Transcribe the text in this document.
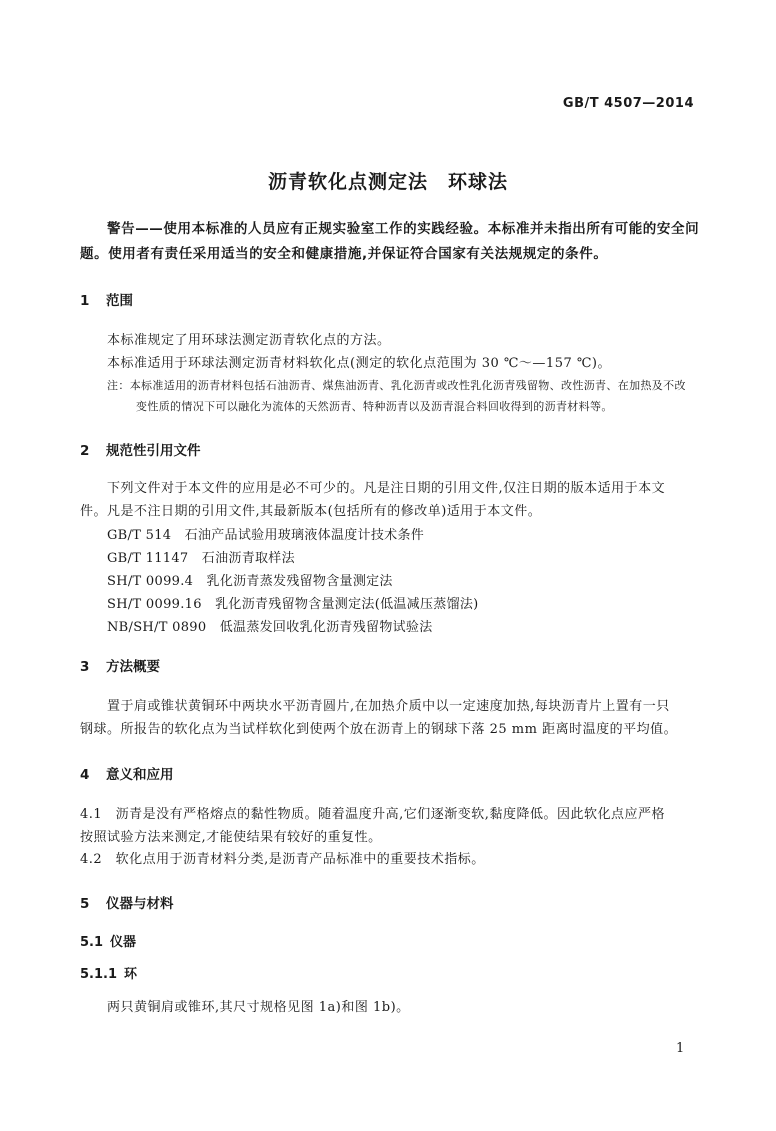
GB/T 4507—2014
沥青软化点测定法　环球法

警告——使用本标准的人员应有正规实验室工作的实践经验。本标准并未指出所有可能的安全问

题。使用者有责任采用适当的安全和健康措施,并保证符合国家有关法规规定的条件。

1 范围

本标准规定了用环球法测定沥青软化点的方法。

本标准适用于环球法测定沥青材料软化点(测定的软化点范围为 30 ℃～—157 ℃)。

注：本标准适用的沥青材料包括石油沥青、煤焦油沥青、乳化沥青或改性乳化沥青残留物、改性沥青、在加热及不改

变性质的情况下可以融化为流体的天然沥青、特种沥青以及沥青混合料回收得到的沥青材料等。

2 规范性引用文件

下列文件对于本文件的应用是必不可少的。凡是注日期的引用文件,仅注日期的版本适用于本文

件。凡是不注日期的引用文件,其最新版本(包括所有的修改单)适用于本文件。

GB/T 514 石油产品试验用玻璃液体温度计技术条件
GB/T 11147 石油沥青取样法
SH/T 0099.4 乳化沥青蒸发残留物含量测定法
SH/T 0099.16 乳化沥青残留物含量测定法(低温减压蒸馏法)
NB/SH/T 0890 低温蒸发回收乳化沥青残留物试验法
3 方法概要

置于肩或锥状黄铜环中两块水平沥青圆片,在加热介质中以一定速度加热,每块沥青片上置有一只

钢球。所报告的软化点为当试样软化到使两个放在沥青上的钢球下落 25 mm 距离时温度的平均值。

4 意义和应用

4.1　沥青是没有严格熔点的黏性物质。随着温度升高,它们逐渐变软,黏度降低。因此软化点应严格

按照试验方法来测定,才能使结果有较好的重复性。

4.2　软化点用于沥青材料分类,是沥青产品标准中的重要技术指标。

5 仪器与材料
5.1 仪器
5.1.1 环

两只黄铜肩或锥环,其尺寸规格见图 1a)和图 1b)。

1
